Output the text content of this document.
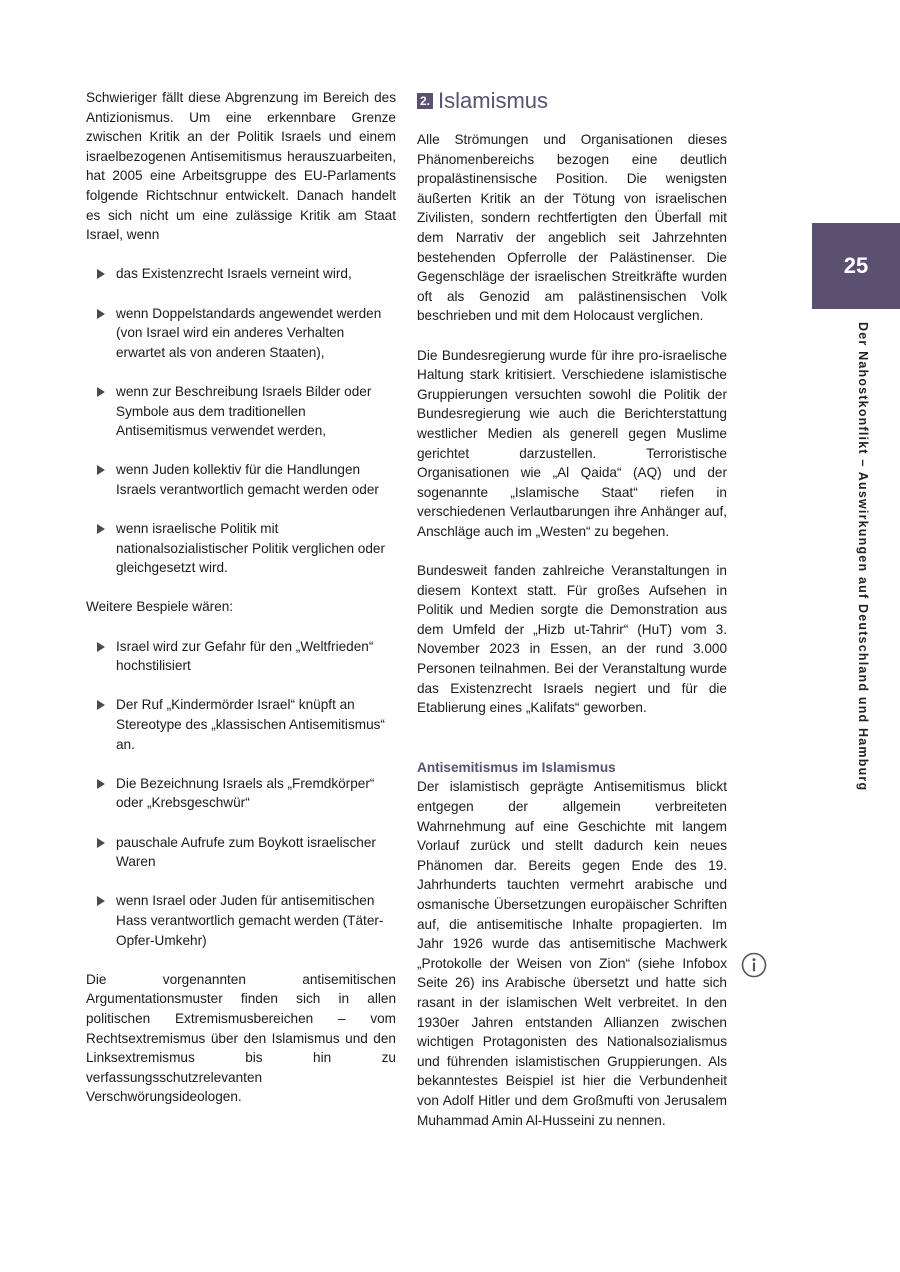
Schwieriger fällt diese Abgrenzung im Bereich des Antizionismus. Um eine erkennbare Grenze zwischen Kritik an der Politik Israels und einem israelbezogenen Antisemitismus herauszuarbeiten, hat 2005 eine Arbeitsgruppe des EU-Parlaments folgende Richtschnur entwickelt. Danach handelt es sich nicht um eine zulässige Kritik am Staat Israel, wenn

das Existenzrecht Israels verneint wird,
wenn Doppelstandards angewendet werden (von Israel wird ein anderes Verhalten erwartet als von anderen Staaten),
wenn zur Beschreibung Israels Bilder oder Symbole aus dem traditionellen Antisemitismus verwendet werden,
wenn Juden kollektiv für die Handlungen Israels verantwortlich gemacht werden oder
wenn israelische Politik mit nationalsozialistischer Politik verglichen oder gleichgesetzt wird.

Weitere Bespiele wären:

Israel wird zur Gefahr für den „Weltfrieden“ hochstilisiert
Der Ruf „Kindermörder Israel“ knüpft an Stereotype des „klassischen Antisemitismus“ an.
Die Bezeichnung Israels als „Fremdkörper“ oder „Krebsgeschwür“
pauschale Aufrufe zum Boykott israelischer Waren
wenn Israel oder Juden für antisemitischen Hass verantwortlich gemacht werden (Täter-Opfer-Umkehr)

Die vorgenannten antisemitischen Argumentationsmuster finden sich in allen politischen Extremismusbereichen – vom Rechtsextremismus über den Islamismus und den Linksextremismus bis hin zu verfassungsschutzrelevanten Verschwörungsideologen.

2. Islamismus

Alle Strömungen und Organisationen dieses Phänomenbereichs bezogen eine deutlich propalästinensische Position. Die wenigsten äußerten Kritik an der Tötung von israelischen Zivilisten, sondern rechtfertigten den Überfall mit dem Narrativ der angeblich seit Jahrzehnten bestehenden Opferrolle der Palästinenser. Die Gegenschläge der israelischen Streitkräfte wurden oft als Genozid am palästinensischen Volk beschrieben und mit dem Holocaust verglichen.

Die Bundesregierung wurde für ihre pro-israelische Haltung stark kritisiert. Verschiedene islamistische Gruppierungen versuchten sowohl die Politik der Bundesregierung wie auch die Berichterstattung westlicher Medien als generell gegen Muslime gerichtet darzustellen. Terroristische Organisationen wie „Al Qaida“ (AQ) und der sogenannte „Islamische Staat“ riefen in verschiedenen Verlautbarungen ihre Anhänger auf, Anschläge auch im „Westen“ zu begehen.

Bundesweit fanden zahlreiche Veranstaltungen in diesem Kontext statt. Für großes Aufsehen in Politik und Medien sorgte die Demonstration aus dem Umfeld der „Hizb ut-Tahrir“ (HuT) vom 3. November 2023 in Essen, an der rund 3.000 Personen teilnahmen. Bei der Veranstaltung wurde das Existenzrecht Israels negiert und für die Etablierung eines „Kalifats“ geworben.

Antisemitismus im Islamismus

Der islamistisch geprägte Antisemitismus blickt entgegen der allgemein verbreiteten Wahrnehmung auf eine Geschichte mit langem Vorlauf zurück und stellt dadurch kein neues Phänomen dar. Bereits gegen Ende des 19. Jahrhunderts tauchten vermehrt arabische und osmanische Übersetzungen europäischer Schriften auf, die antisemitische Inhalte propagierten. Im Jahr 1926 wurde das antisemitische Machwerk „Protokolle der Weisen von Zion“ (siehe Infobox Seite 26) ins Arabische übersetzt und hatte sich rasant in der islamischen Welt verbreitet. In den 1930er Jahren entstanden Allianzen zwischen wichtigen Protagonisten des Nationalsozialismus und führenden islamistischen Gruppierungen. Als bekanntestes Beispiel ist hier die Verbundenheit von Adolf Hitler und dem Großmufti von Jerusalem Muhammad Amin Al-Husseini zu nennen.

25
Der Nahostkonflikt – Auswirkungen auf Deutschland und Hamburg
